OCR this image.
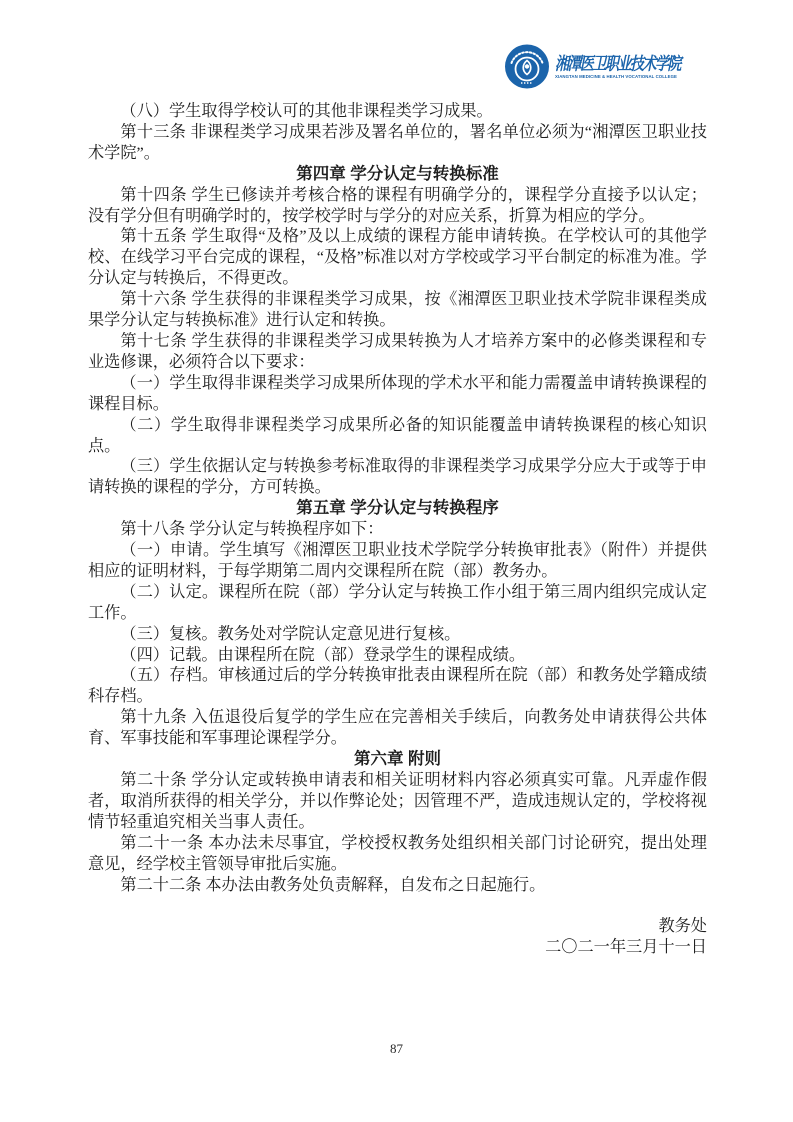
湘潭医卫职业技术学院
XIANGTAN MEDICINE & HEALTH VOCATIONAL COLLEGE

（八）学生取得学校认可的其他非课程类学习成果。

第十三条 非课程类学习成果若涉及署名单位的，署名单位必须为“湘潭医卫职业技术学院”。

第四章 学分认定与转换标准

第十四条 学生已修读并考核合格的课程有明确学分的，课程学分直接予以认定；没有学分但有明确学时的，按学校学时与学分的对应关系，折算为相应的学分。

第十五条 学生取得“及格”及以上成绩的课程方能申请转换。在学校认可的其他学校、在线学习平台完成的课程，“及格”标准以对方学校或学习平台制定的标准为准。学分认定与转换后，不得更改。

第十六条 学生获得的非课程类学习成果，按《湘潭医卫职业技术学院非课程类成果学分认定与转换标准》进行认定和转换。

第十七条 学生获得的非课程类学习成果转换为人才培养方案中的必修类课程和专业选修课，必须符合以下要求：

（一）学生取得非课程类学习成果所体现的学术水平和能力需覆盖申请转换课程的课程目标。

（二）学生取得非课程类学习成果所必备的知识能覆盖申请转换课程的核心知识点。

（三）学生依据认定与转换参考标准取得的非课程类学习成果学分应大于或等于申请转换的课程的学分，方可转换。

第五章 学分认定与转换程序

第十八条 学分认定与转换程序如下：

（一）申请。学生填写《湘潭医卫职业技术学院学分转换审批表》（附件）并提供相应的证明材料，于每学期第二周内交课程所在院（部）教务办。

（二）认定。课程所在院（部）学分认定与转换工作小组于第三周内组织完成认定工作。

（三）复核。教务处对学院认定意见进行复核。

（四）记载。由课程所在院（部）登录学生的课程成绩。

（五）存档。审核通过后的学分转换审批表由课程所在院（部）和教务处学籍成绩科存档。

第十九条 入伍退役后复学的学生应在完善相关手续后，向教务处申请获得公共体育、军事技能和军事理论课程学分。

第六章 附则

第二十条 学分认定或转换申请表和相关证明材料内容必须真实可靠。凡弄虚作假者，取消所获得的相关学分，并以作弊论处；因管理不严，造成违规认定的，学校将视情节轻重追究相关当事人责任。

第二十一条 本办法未尽事宜，学校授权教务处组织相关部门讨论研究，提出处理意见，经学校主管领导审批后实施。

第二十二条 本办法由教务处负责解释，自发布之日起施行。

教务处

二〇二一年三月十一日

87
